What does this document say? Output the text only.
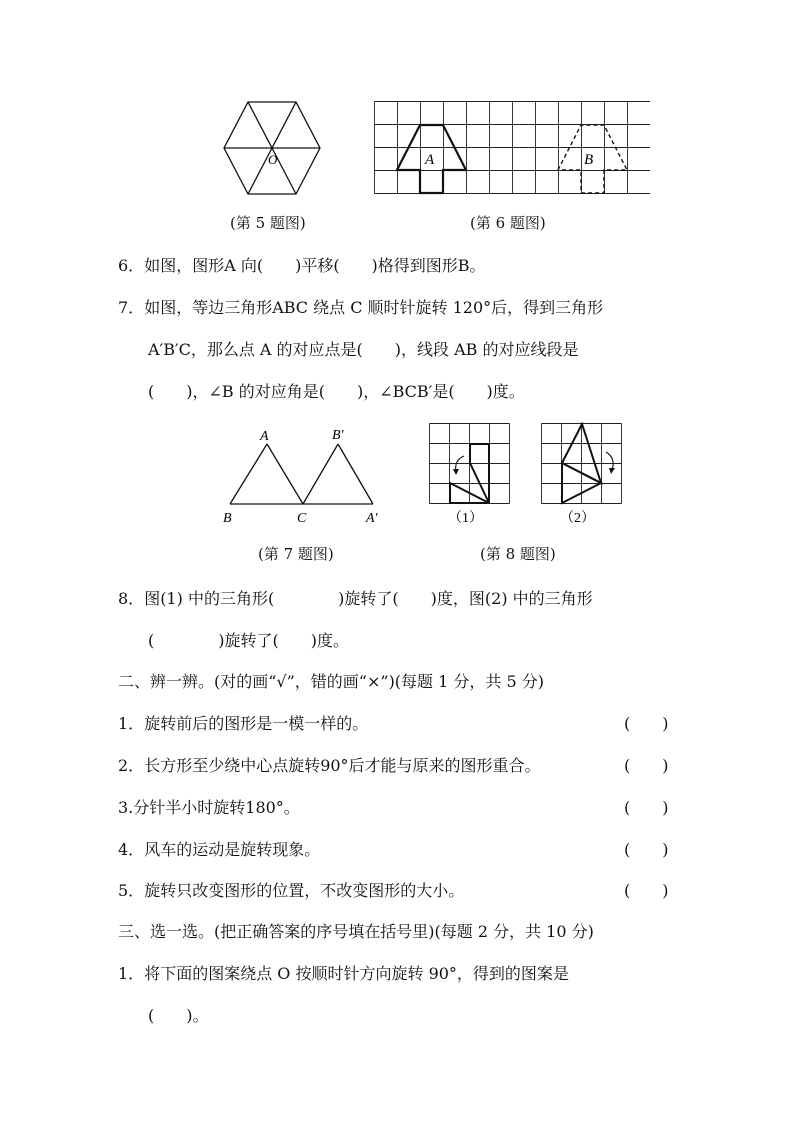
O	A	B
(第 5 题图)	(第 6 题图)
6．如图，图形A 向(　　)平移(　　)格得到图形B。
7．如图，等边三角形ABC 绕点 C 顺时针旋转 120°后，得到三角形
A′B′C，那么点 A 的对应点是(　　)，线段 AB 的对应线段是
(　　)，∠B 的对应角是(　　)，∠BCB′是(　　)度。
A	B′
B	C	A′	（1）	（2）
(第 7 题图)	(第 8 题图)
8．图(1) 中的三角形(　　　　)旋转了(　　)度，图(2) 中的三角形
(　　　　)旋转了(　　)度。
二、辨一辨。(对的画“√”，错的画“×”)(每题 1 分，共 5 分)
1．旋转前后的图形是一模一样的。	(　　)
2．长方形至少绕中心点旋转90°后才能与原来的图形重合。	(　　)
3.分针半小时旋转180°。	(　　)
4．风车的运动是旋转现象。	(　　)
5．旋转只改变图形的位置，不改变图形的大小。	(　　)
三、选一选。(把正确答案的序号填在括号里)(每题 2 分，共 10 分)
1．将下面的图案绕点 O 按顺时针方向旋转 90°，得到的图案是
(　　)。
